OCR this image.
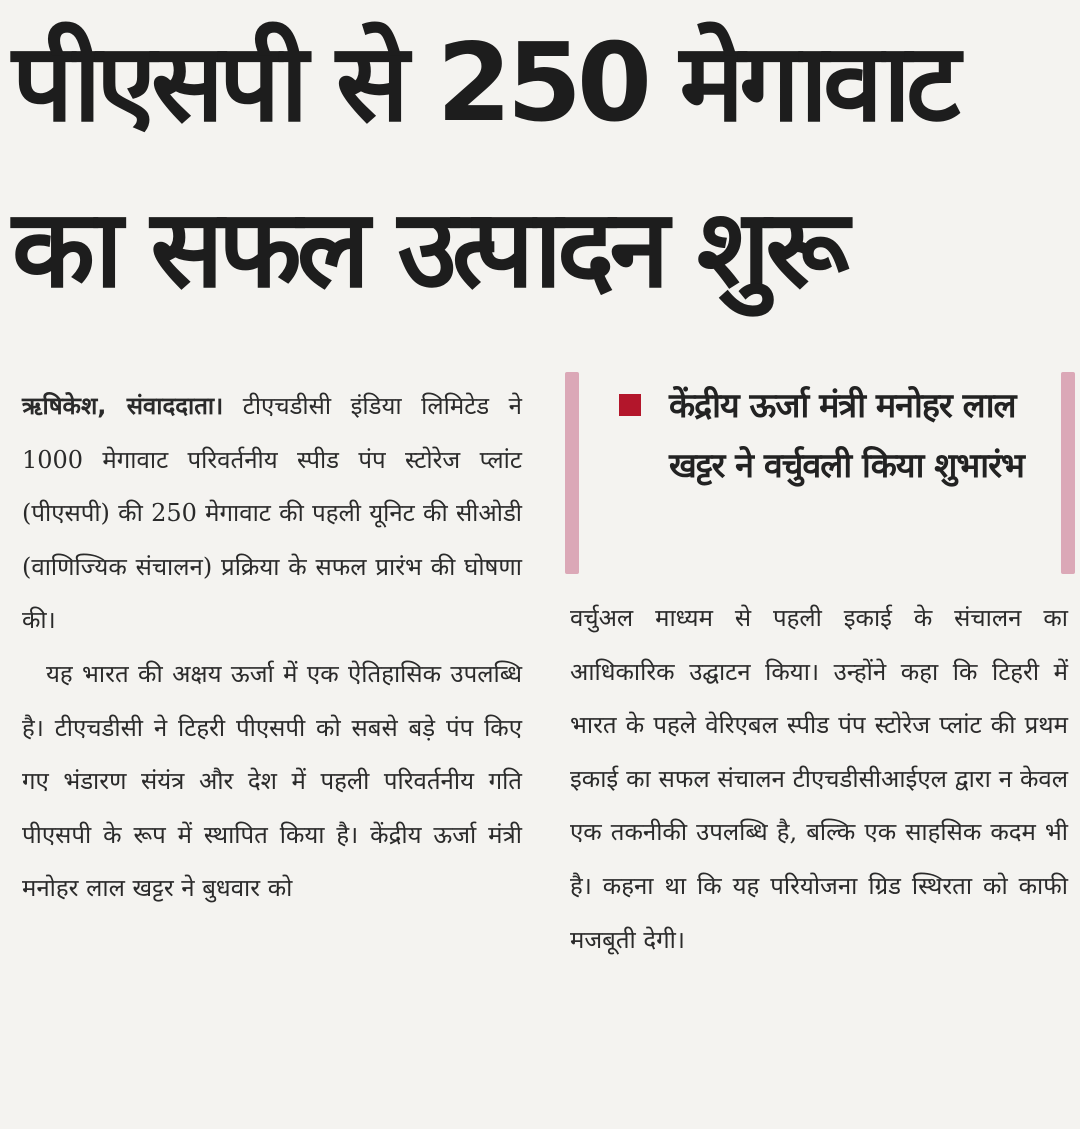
पीएसपी से 250 मेगावाट
का सफल उत्पादन शुरू

ऋषिकेश, संवाददाता। टीएचडीसी इंडिया लिमिटेड ने 1000 मेगावाट परिवर्तनीय स्पीड पंप स्टोरेज प्लांट (पीएसपी) की 250 मेगावाट की पहली यूनिट की सीओडी (वाणिज्यिक संचालन) प्रक्रिया के सफल प्रारंभ की घोषणा की।

यह भारत की अक्षय ऊर्जा में एक ऐतिहासिक उपलब्धि है। टीएचडीसी ने टिहरी पीएसपी को सबसे बड़े पंप किए गए भंडारण संयंत्र और देश में पहली परिवर्तनीय गति पीएसपी के रूप में स्थापित किया है। केंद्रीय ऊर्जा मंत्री मनोहर लाल खट्टर ने बुधवार को

केंद्रीय ऊर्जा मंत्री मनोहर लाल खट्टर ने वर्चुवली किया शुभारंभ

वर्चुअल माध्यम से पहली इकाई के संचालन का आधिकारिक उद्घाटन किया। उन्होंने कहा कि टिहरी में भारत के पहले वेरिएबल स्पीड पंप स्टोरेज प्लांट की प्रथम इकाई का सफल संचालन टीएचडीसीआईएल द्वारा न केवल एक तकनीकी उपलब्धि है, बल्कि एक साहसिक कदम भी है। कहना था कि यह परियोजना ग्रिड स्थिरता को काफी मजबूती देगी।
